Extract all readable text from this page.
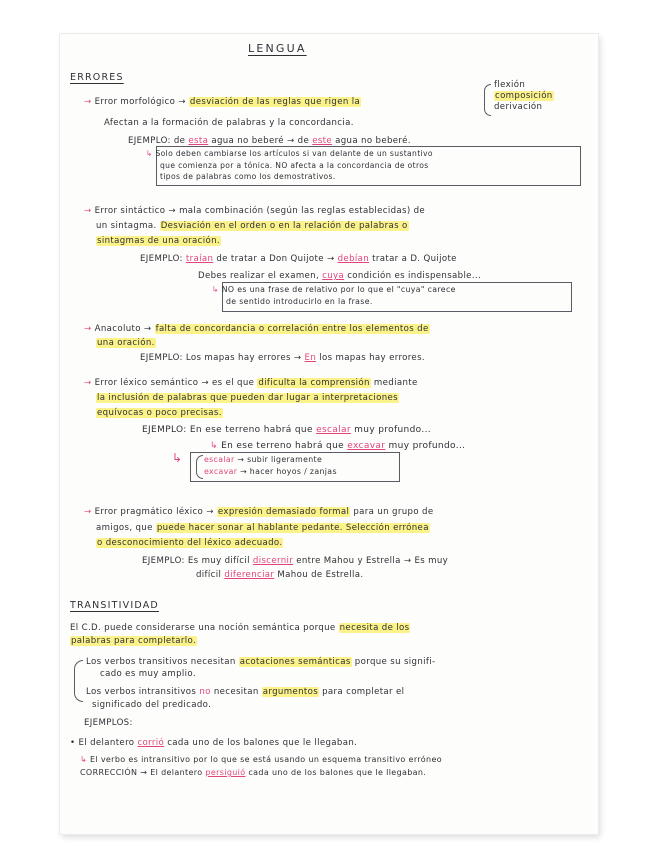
LENGUA
ERRORES
→ Error morfológico → desviación de las reglas que rigen la
flexión
composición
derivación
Afectan a la formación de palabras y la concordancia.
EJEMPLO: de esta agua no beberé → de este agua no beberé.
↳ Solo deben cambiarse los artículos si van delante de un sustantivo
que comienza por a tónica. NO afecta a la concordancia de otros
tipos de palabras como los demostrativos.
→ Error sintáctico → mala combinación (según las reglas establecidas) de
un sintagma. Desviación en el orden o en la relación de palabras o
sintagmas de una oración.
EJEMPLO: traían de tratar a Don Quijote → debían tratar a D. Quijote
Debes realizar el examen, cuya condición es indispensable...
↳ NO es una frase de relativo por lo que el "cuya" carece
de sentido introducirlo en la frase.
→ Anacoluto → falta de concordancia o correlación entre los elementos de
una oración.
EJEMPLO: Los mapas hay errores → En los mapas hay errores.
→ Error léxico semántico → es el que dificulta la comprensión mediante
la inclusión de palabras que pueden dar lugar a interpretaciones
equívocas o poco precisas.
EJEMPLO: En ese terreno habrá que escalar muy profundo...
↳ En ese terreno habrá que excavar muy profundo...
↳	escalar → subir ligeramente
excavar → hacer hoyos / zanjas
→ Error pragmático léxico → expresión demasiado formal para un grupo de
amigos, que puede hacer sonar al hablante pedante. Selección errónea
o desconocimiento del léxico adecuado.
EJEMPLO: Es muy difícil discernir entre Mahou y Estrella → Es muy
difícil diferenciar Mahou de Estrella.
TRANSITIVIDAD
El C.D. puede considerarse una noción semántica porque necesita de los
palabras para completarlo.
Los verbos transitivos necesitan acotaciones semánticas porque su signifi-
cado es muy amplio.
Los verbos intransitivos no necesitan argumentos para completar el
significado del predicado.
EJEMPLOS:
• El delantero corrió cada uno de los balones que le llegaban.
↳ El verbo es intransitivo por lo que se está usando un esquema transitivo erróneo
CORRECCIÓN → El delantero persiguió cada uno de los balones que le llegaban.
